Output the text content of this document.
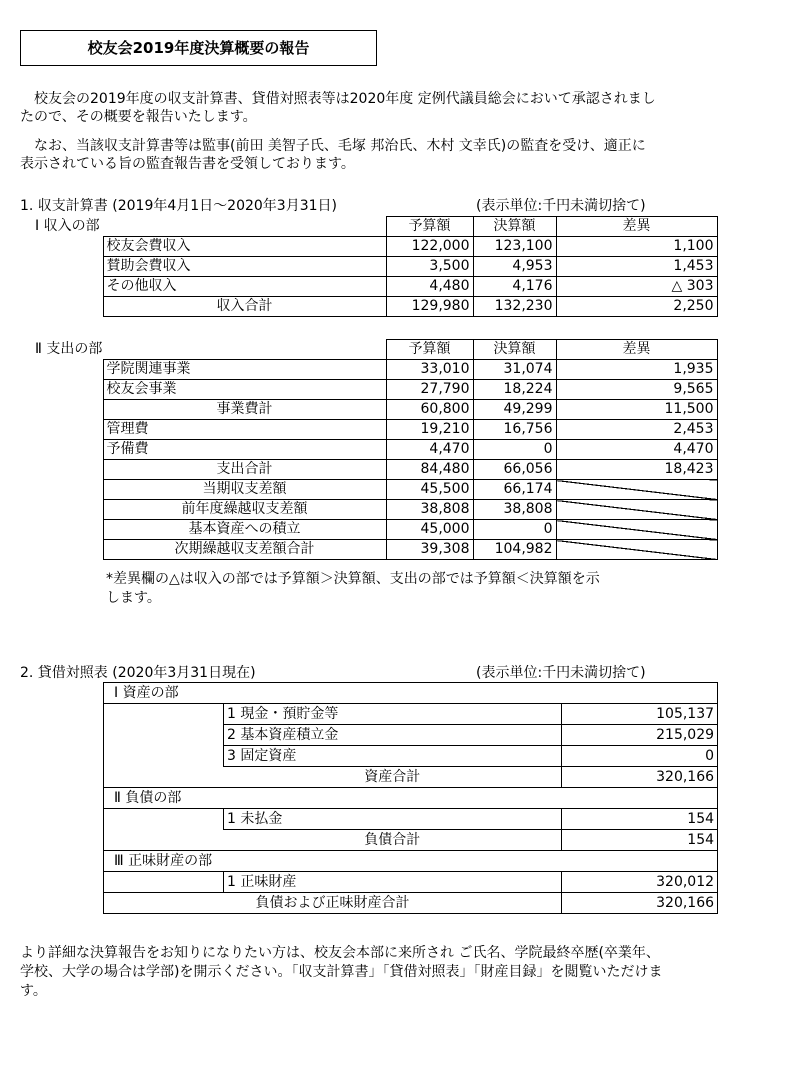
校友会2019年度決算概要の報告
校友会の2019年度の収支計算書、貸借対照表等は2020年度 定例代議員総会において承認されまし
たので、その概要を報告いたします。
なお、当該収支計算書等は監事(前田 美智子氏、毛塚 邦治氏、木村 文幸氏)の監査を受け、適正に
表示されている旨の監査報告書を受領しております。
1. 収支計算書 (2019年4月1日～2020年3月31日)	(表示単位:千円未満切捨て)
Ⅰ 収入の部		予算額	決算額	差異
	校友会費収入	122,000	123,100	1,100
	賛助会費収入	3,500	4,953	1,453
	その他収入	4,480	4,176	△ 303
	収入合計	129,980	132,230	2,250
Ⅱ 支出の部		予算額	決算額	差異
	学院関連事業	33,010	31,074	1,935
	校友会事業	27,790	18,224	9,565
	事業費計	60,800	49,299	11,500
	管理費	19,210	16,756	2,453
	予備費	4,470	0	4,470
	支出合計	84,480	66,056	18,423
	当期収支差額	45,500	66,174	
	前年度繰越収支差額	38,808	38,808	
	基本資産への積立	45,000	0	
	次期繰越収支差額合計	39,308	104,982	
*差異欄の△は収入の部では予算額＞決算額、支出の部では予算額＜決算額を示
します。
2. 貸借対照表 (2020年3月31日現在)	(表示単位:千円未満切捨て)
Ⅰ 資産の部		
	1 現金・預貯金等	105,137
	2 基本資産積立金	215,029
	3 固定資産	0
	資産合計	320,166
Ⅱ 負債の部		
	1 未払金	154
	負債合計	154
Ⅲ 正味財産の部		
	1 正味財産	320,012
負債および正味財産合計		320,166
より詳細な決算報告をお知りになりたい方は、校友会本部に来所され ご氏名、学院最終卒歴(卒業年、
学校、大学の場合は学部)を開示ください。「収支計算書」「貸借対照表」「財産目録」を閲覧いただけま
す。
